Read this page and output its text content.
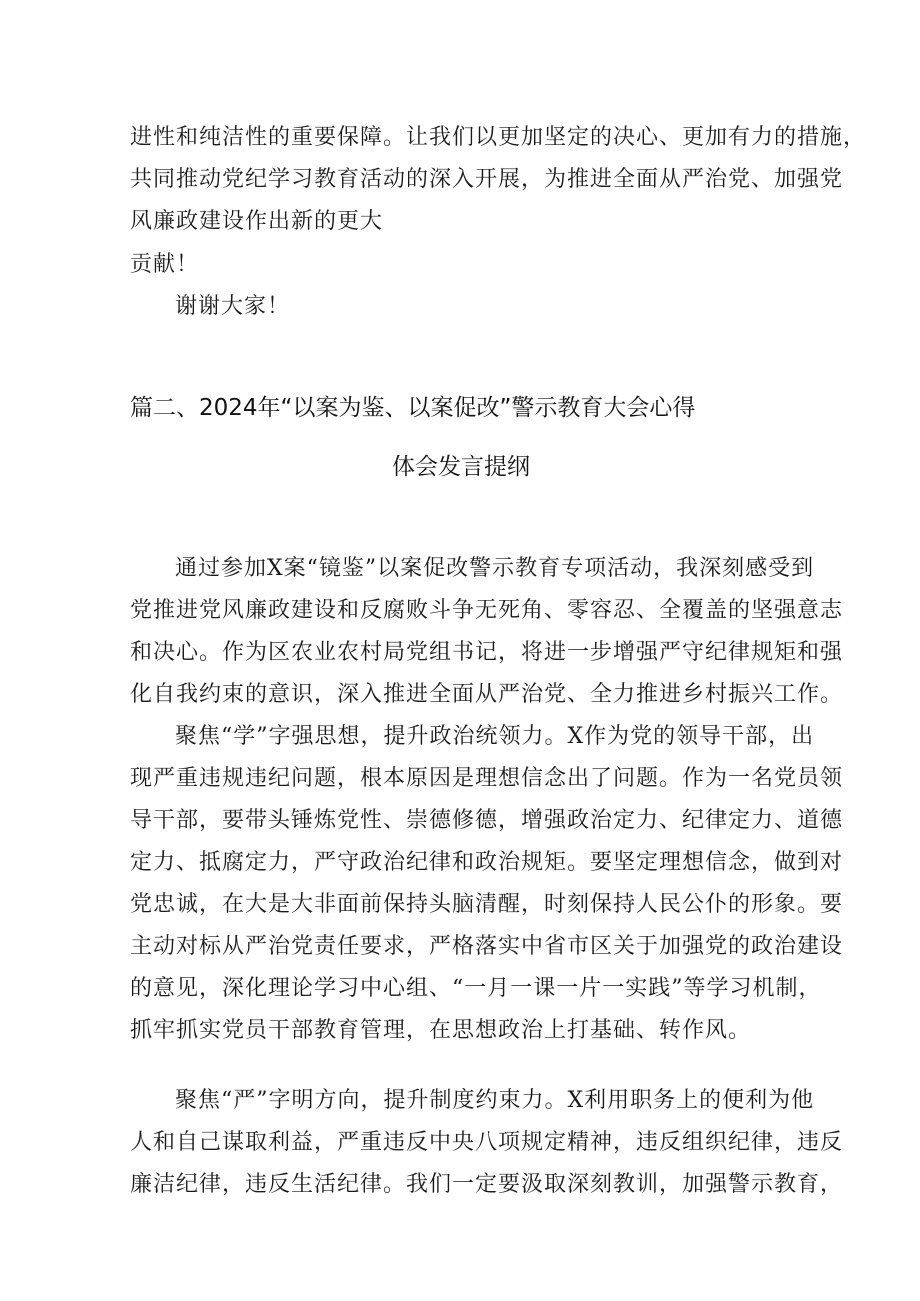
进性和纯洁性的重要保障。让我们以更加坚定的决心、更加有力的措施，
共同推动党纪学习教育活动的深入开展，为推进全面从严治党、加强党
风廉政建设作出新的更大
贡献！
谢谢大家！
篇二、2024年“以案为鉴、以案促改”警示教育大会心得
体会发言提纲
通过参加X案“镜鉴”以案促改警示教育专项活动，我深刻感受到
党推进党风廉政建设和反腐败斗争无死角、零容忍、全覆盖的坚强意志
和决心。作为区农业农村局党组书记，将进一步增强严守纪律规矩和强
化自我约束的意识，深入推进全面从严治党、全力推进乡村振兴工作。
聚焦“学”字强思想，提升政治统领力。X作为党的领导干部，出
现严重违规违纪问题，根本原因是理想信念出了问题。作为一名党员领
导干部，要带头锤炼党性、崇德修德，增强政治定力、纪律定力、道德
定力、抵腐定力，严守政治纪律和政治规矩。要坚定理想信念，做到对
党忠诚，在大是大非面前保持头脑清醒，时刻保持人民公仆的形象。要
主动对标从严治党责任要求，严格落实中省市区关于加强党的政治建设
的意见，深化理论学习中心组、“一月一课一片一实践”等学习机制，
抓牢抓实党员干部教育管理，在思想政治上打基础、转作风。
聚焦“严”字明方向，提升制度约束力。X利用职务上的便利为他
人和自己谋取利益，严重违反中央八项规定精神，违反组织纪律，违反
廉洁纪律，违反生活纪律。我们一定要汲取深刻教训，加强警示教育，
